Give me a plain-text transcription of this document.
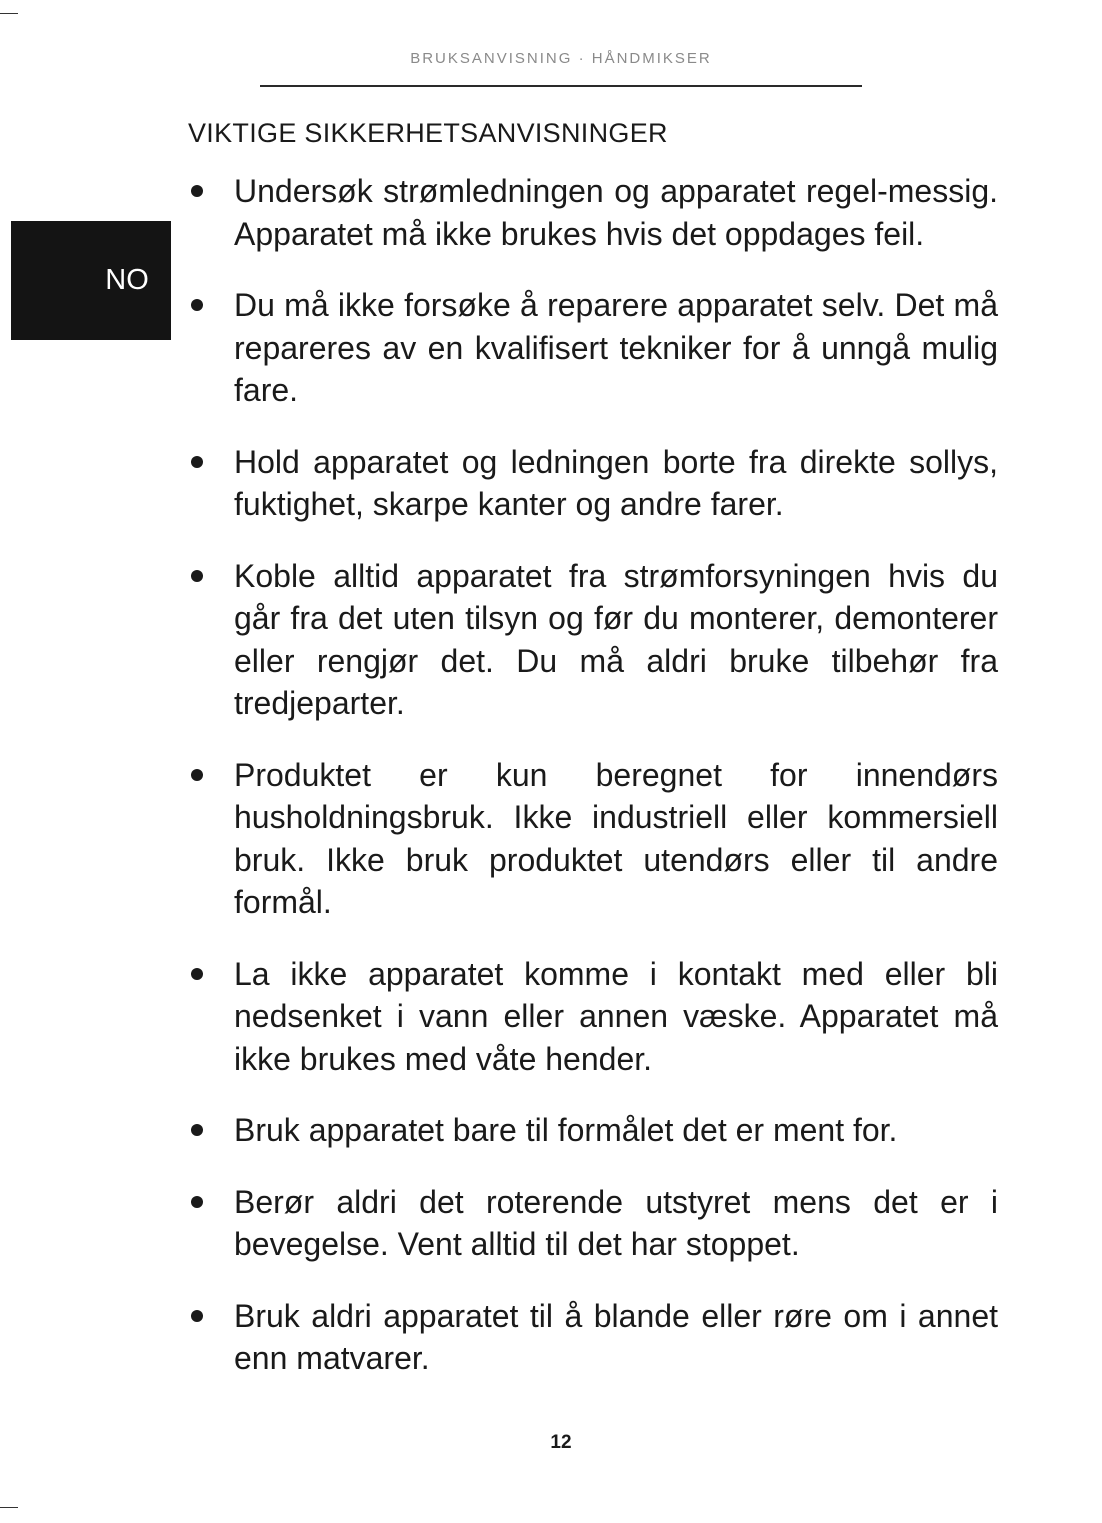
BRUKSANVISNING · HÅNDMIKSER
NO
VIKTIGE SIKKERHETSANVISNINGER
Undersøk strømledningen og apparatet regel-messig. Apparatet må ikke brukes hvis det oppdages feil.
Du må ikke forsøke å reparere apparatet selv. Det må repareres av en kvalifisert tekniker for å unngå mulig fare.
Hold apparatet og ledningen borte fra direkte sollys, fuktighet, skarpe kanter og andre farer.
Koble alltid apparatet fra strømforsyningen hvis du går fra det uten tilsyn og før du monterer, demonterer eller rengjør det. Du må aldri bruke tilbehør fra tredjeparter.
Produktet er kun beregnet for innendørs husholdningsbruk. Ikke industriell eller kommersiell bruk. Ikke bruk produktet utendørs eller til andre formål.
La ikke apparatet komme i kontakt med eller bli nedsenket i vann eller annen væske. Apparatet må ikke brukes med våte hender.
Bruk apparatet bare til formålet det er ment for.
Berør aldri det roterende utstyret mens det er i bevegelse. Vent alltid til det har stoppet.
Bruk aldri apparatet til å blande eller røre om i annet enn matvarer.
12
